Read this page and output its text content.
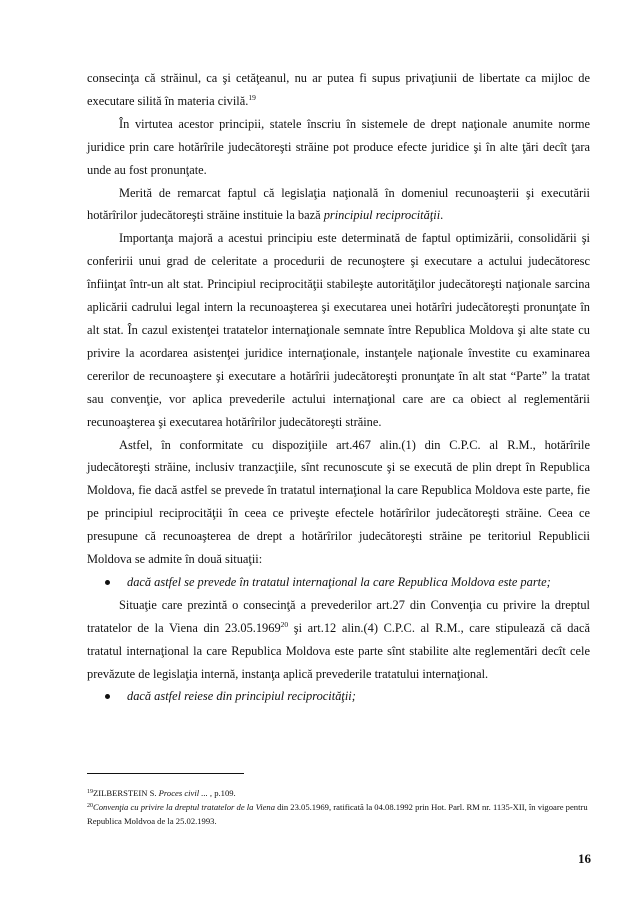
consecinţa că străinul, ca şi cetăţeanul, nu ar putea fi supus privaţiunii de libertate ca mijloc de executare silită în materia civilă.$^{19}$

În virtutea acestor principii, statele înscriu în sistemele de drept naţionale anumite norme juridice prin care hotărîrile judecătoreşti străine pot produce efecte juridice şi în alte ţări decît ţara unde au fost pronunţate.

Merită de remarcat faptul că legislaţia naţională în domeniul recunoaşterii şi executării hotărîrilor judecătoreşti străine instituie la bază principiul reciprocităţii.

Importanţa majoră a acestui principiu este determinată de faptul optimizării, consolidării şi conferirii unui grad de celeritate a procedurii de recunoştere şi executare a actului judecătoresc înfiinţat într-un alt stat. Principiul reciprocităţii stabileşte autorităţilor judecătoreşti naţionale sarcina aplicării cadrului legal intern la recunoaşterea şi executarea unei hotărîri judecătoreşti pronunţate în alt stat. În cazul existenţei tratatelor internaţionale semnate între Republica Moldova şi alte state cu privire la acordarea asistenţei juridice internaţionale, instanţele naţionale învestite cu examinarea cererilor de recunoaştere şi executare a hotărîrii judecătoreşti pronunţate în alt stat “Parte” la tratat sau convenţie, vor aplica prevederile actului internaţional care are ca obiect al reglementării recunoaşterea şi executarea hotărîrilor judecătoreşti străine.

Astfel, în conformitate cu dispoziţiile art.467 alin.(1) din C.P.C. al R.M., hotărîrile judecătoreşti străine, inclusiv tranzacţiile, sînt recunoscute şi se execută de plin drept în Republica Moldova, fie dacă astfel se prevede în tratatul internaţional la care Republica Moldova este parte, fie pe principiul reciprocităţii în ceea ce priveşte efectele hotărîrilor judecătoreşti străine. Ceea ce presupune că recunoaşterea de drept a hotărîrilor judecătoreşti străine pe teritoriul Republicii Moldova se admite în două situaţii:

dacă astfel se prevede în tratatul internaţional la care Republica Moldova este parte;

Situaţie care prezintă o consecinţă a prevederilor art.27 din Convenţia cu privire la dreptul tratatelor de la Viena din 23.05.1969$^{20}$ şi art.12 alin.(4) C.P.C. al R.M., care stipulează că dacă tratatul internaţional la care Republica Moldova este parte sînt stabilite alte reglementări decît cele prevăzute de legislaţia internă, instanţa aplică prevederile tratatului internaţional.

dacă astfel reiese din principiul reciprocităţii;

$^{19}$ZILBERSTEIN S. Proces civil ... , p.109.

$^{20}$Convenţia cu privire la dreptul tratatelor de la Viena din 23.05.1969, ratificată la 04.08.1992 prin Hot. Parl. RM nr. 1135-XII, în vigoare pentru Republica Moldvoa de la 25.02.1993.

16
